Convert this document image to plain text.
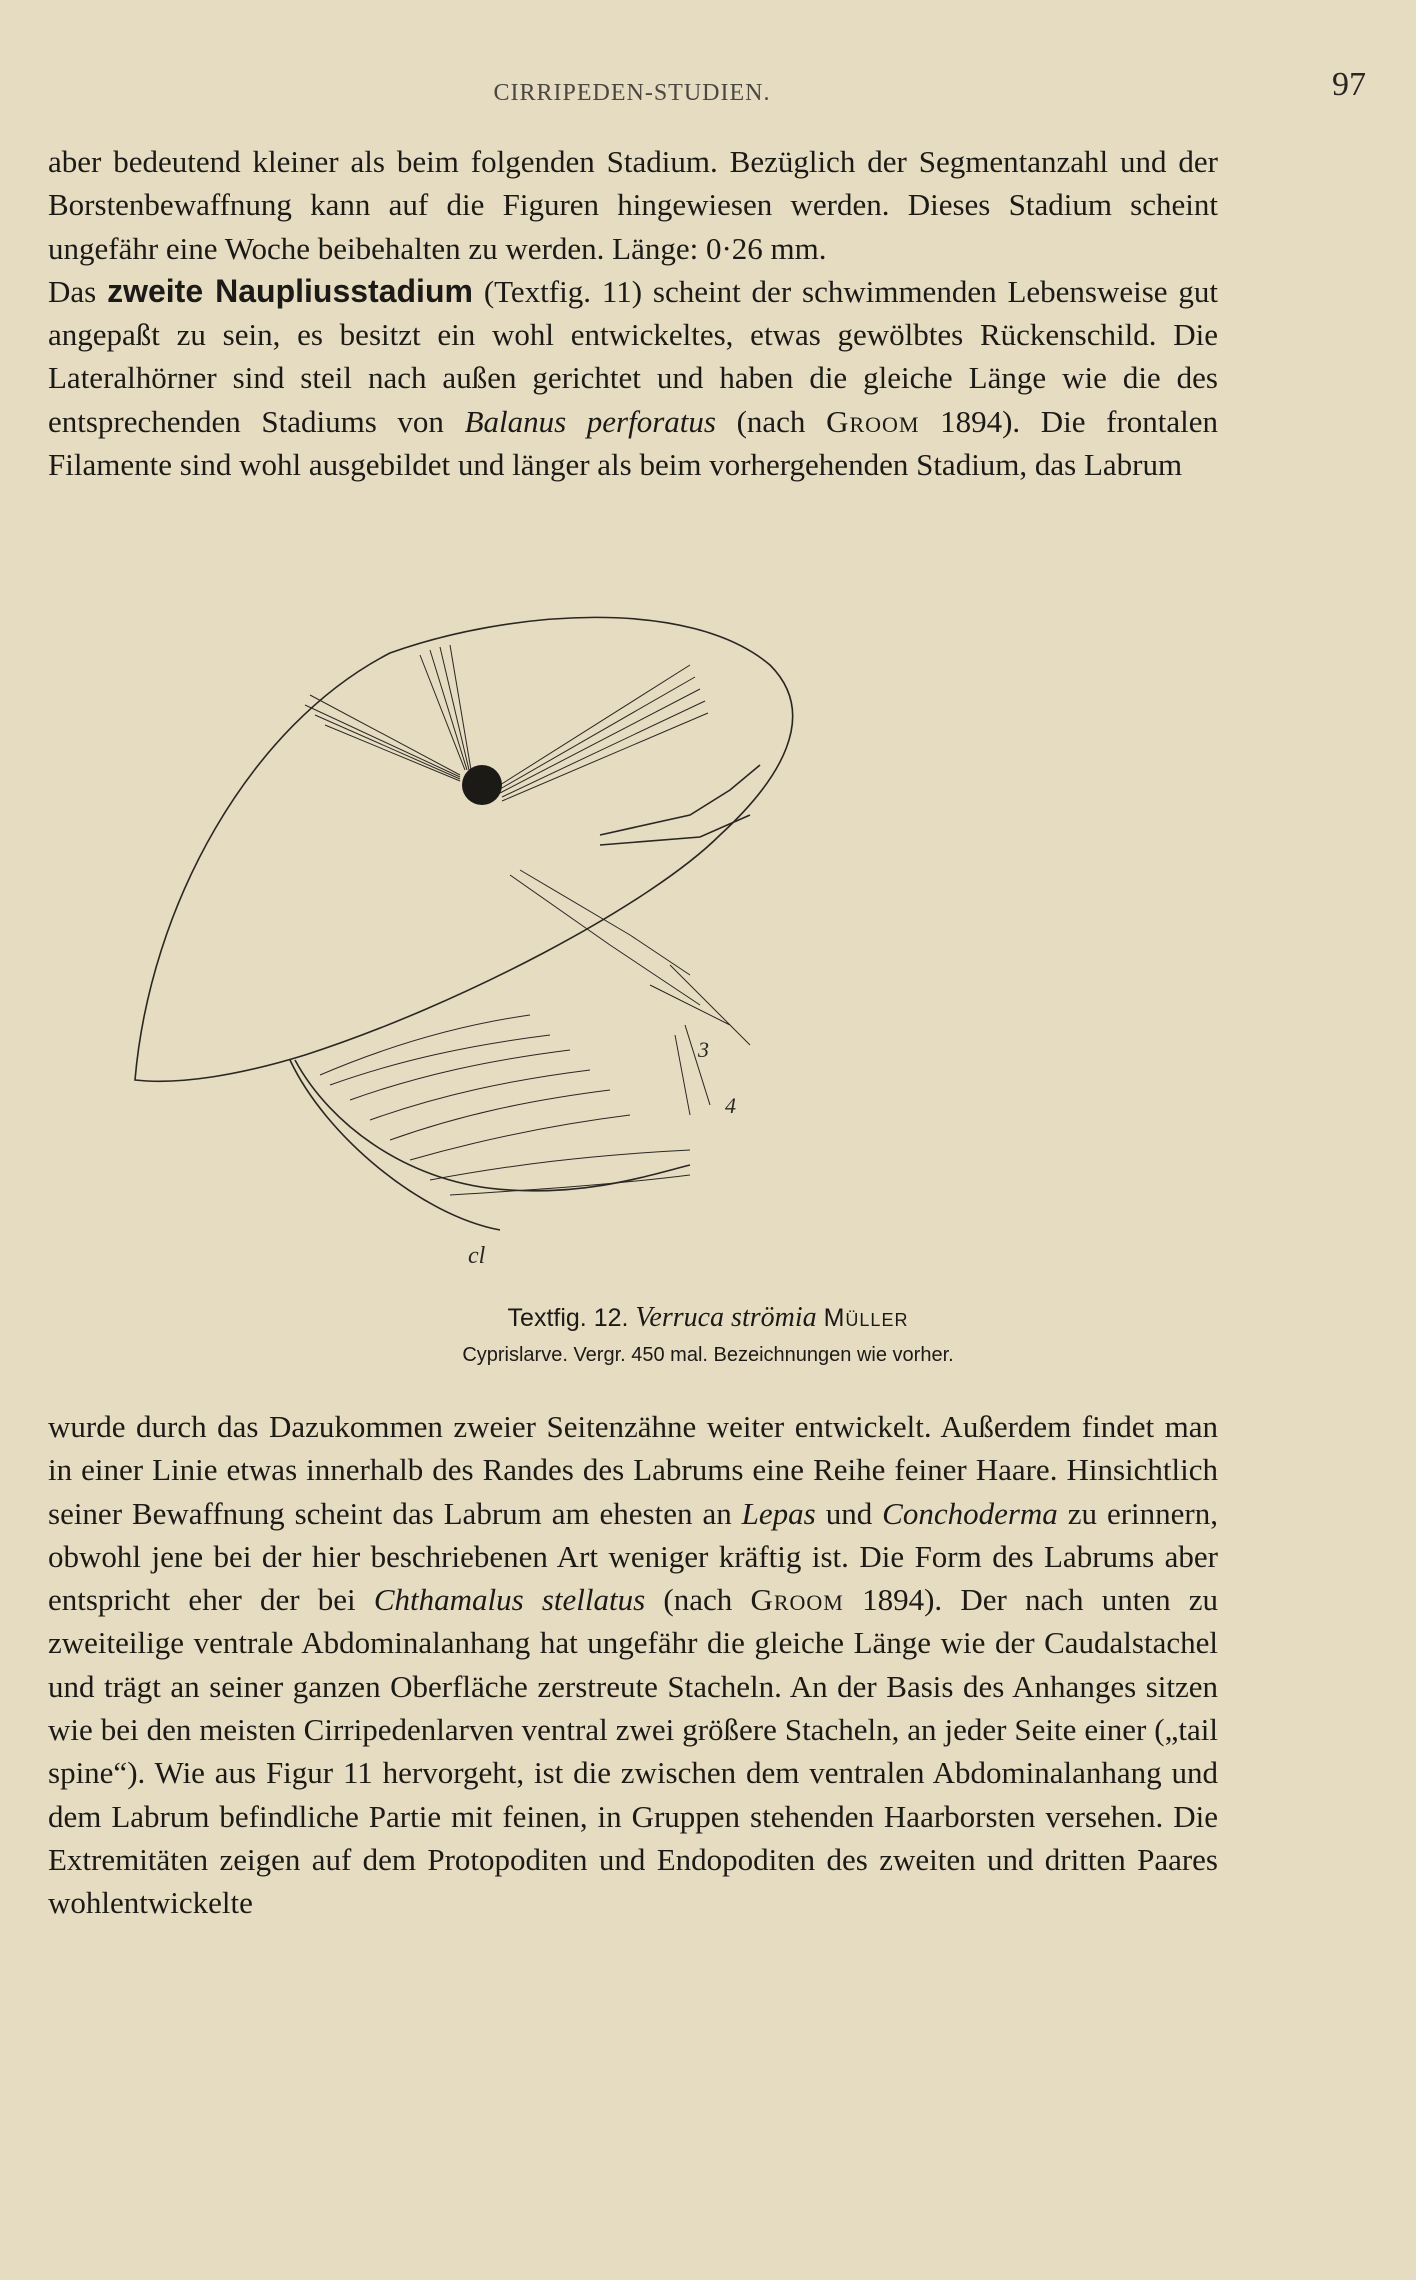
CIRRIPEDEN-STUDIEN.	97

aber bedeutend kleiner als beim folgenden Stadium. Bezüglich der Segmentanzahl und der Borstenbewaffnung kann auf die Figuren hingewiesen werden. Dieses Stadium scheint ungefähr eine Woche beibehalten zu werden. Länge: 0·26 mm.

Das zweite Naupliusstadium (Textfig. 11) scheint der schwimmenden Lebensweise gut angepaßt zu sein, es besitzt ein wohl entwickeltes, etwas gewölbtes Rückenschild. Die Lateralhörner sind steil nach außen gerichtet und haben die gleiche Länge wie die des entsprechenden Stadiums von Balanus perforatus (nach Groom 1894). Die frontalen Filamente sind wohl ausgebildet und länger als beim vorhergehenden Stadium, das Labrum

3
4
cl
Textfig. 12. Verruca strömia Müller
Cyprislarve. Vergr. 450 mal. Bezeichnungen wie vorher.

wurde durch das Dazukommen zweier Seitenzähne weiter entwickelt. Außerdem findet man in einer Linie etwas innerhalb des Randes des Labrums eine Reihe feiner Haare. Hinsichtlich seiner Bewaffnung scheint das Labrum am ehesten an Lepas und Conchoderma zu erinnern, obwohl jene bei der hier beschriebenen Art weniger kräftig ist. Die Form des Labrums aber entspricht eher der bei Chthamalus stellatus (nach Groom 1894). Der nach unten zu zweiteilige ventrale Abdominalanhang hat ungefähr die gleiche Länge wie der Caudalstachel und trägt an seiner ganzen Oberfläche zerstreute Stacheln. An der Basis des Anhanges sitzen wie bei den meisten Cirripedenlarven ventral zwei größere Stacheln, an jeder Seite einer („tail spine“). Wie aus Figur 11 hervorgeht, ist die zwischen dem ventralen Abdominalanhang und dem Labrum befindliche Partie mit feinen, in Gruppen stehenden Haarborsten versehen. Die Extremitäten zeigen auf dem Protopoditen und Endopoditen des zweiten und dritten Paares wohlentwickelte
